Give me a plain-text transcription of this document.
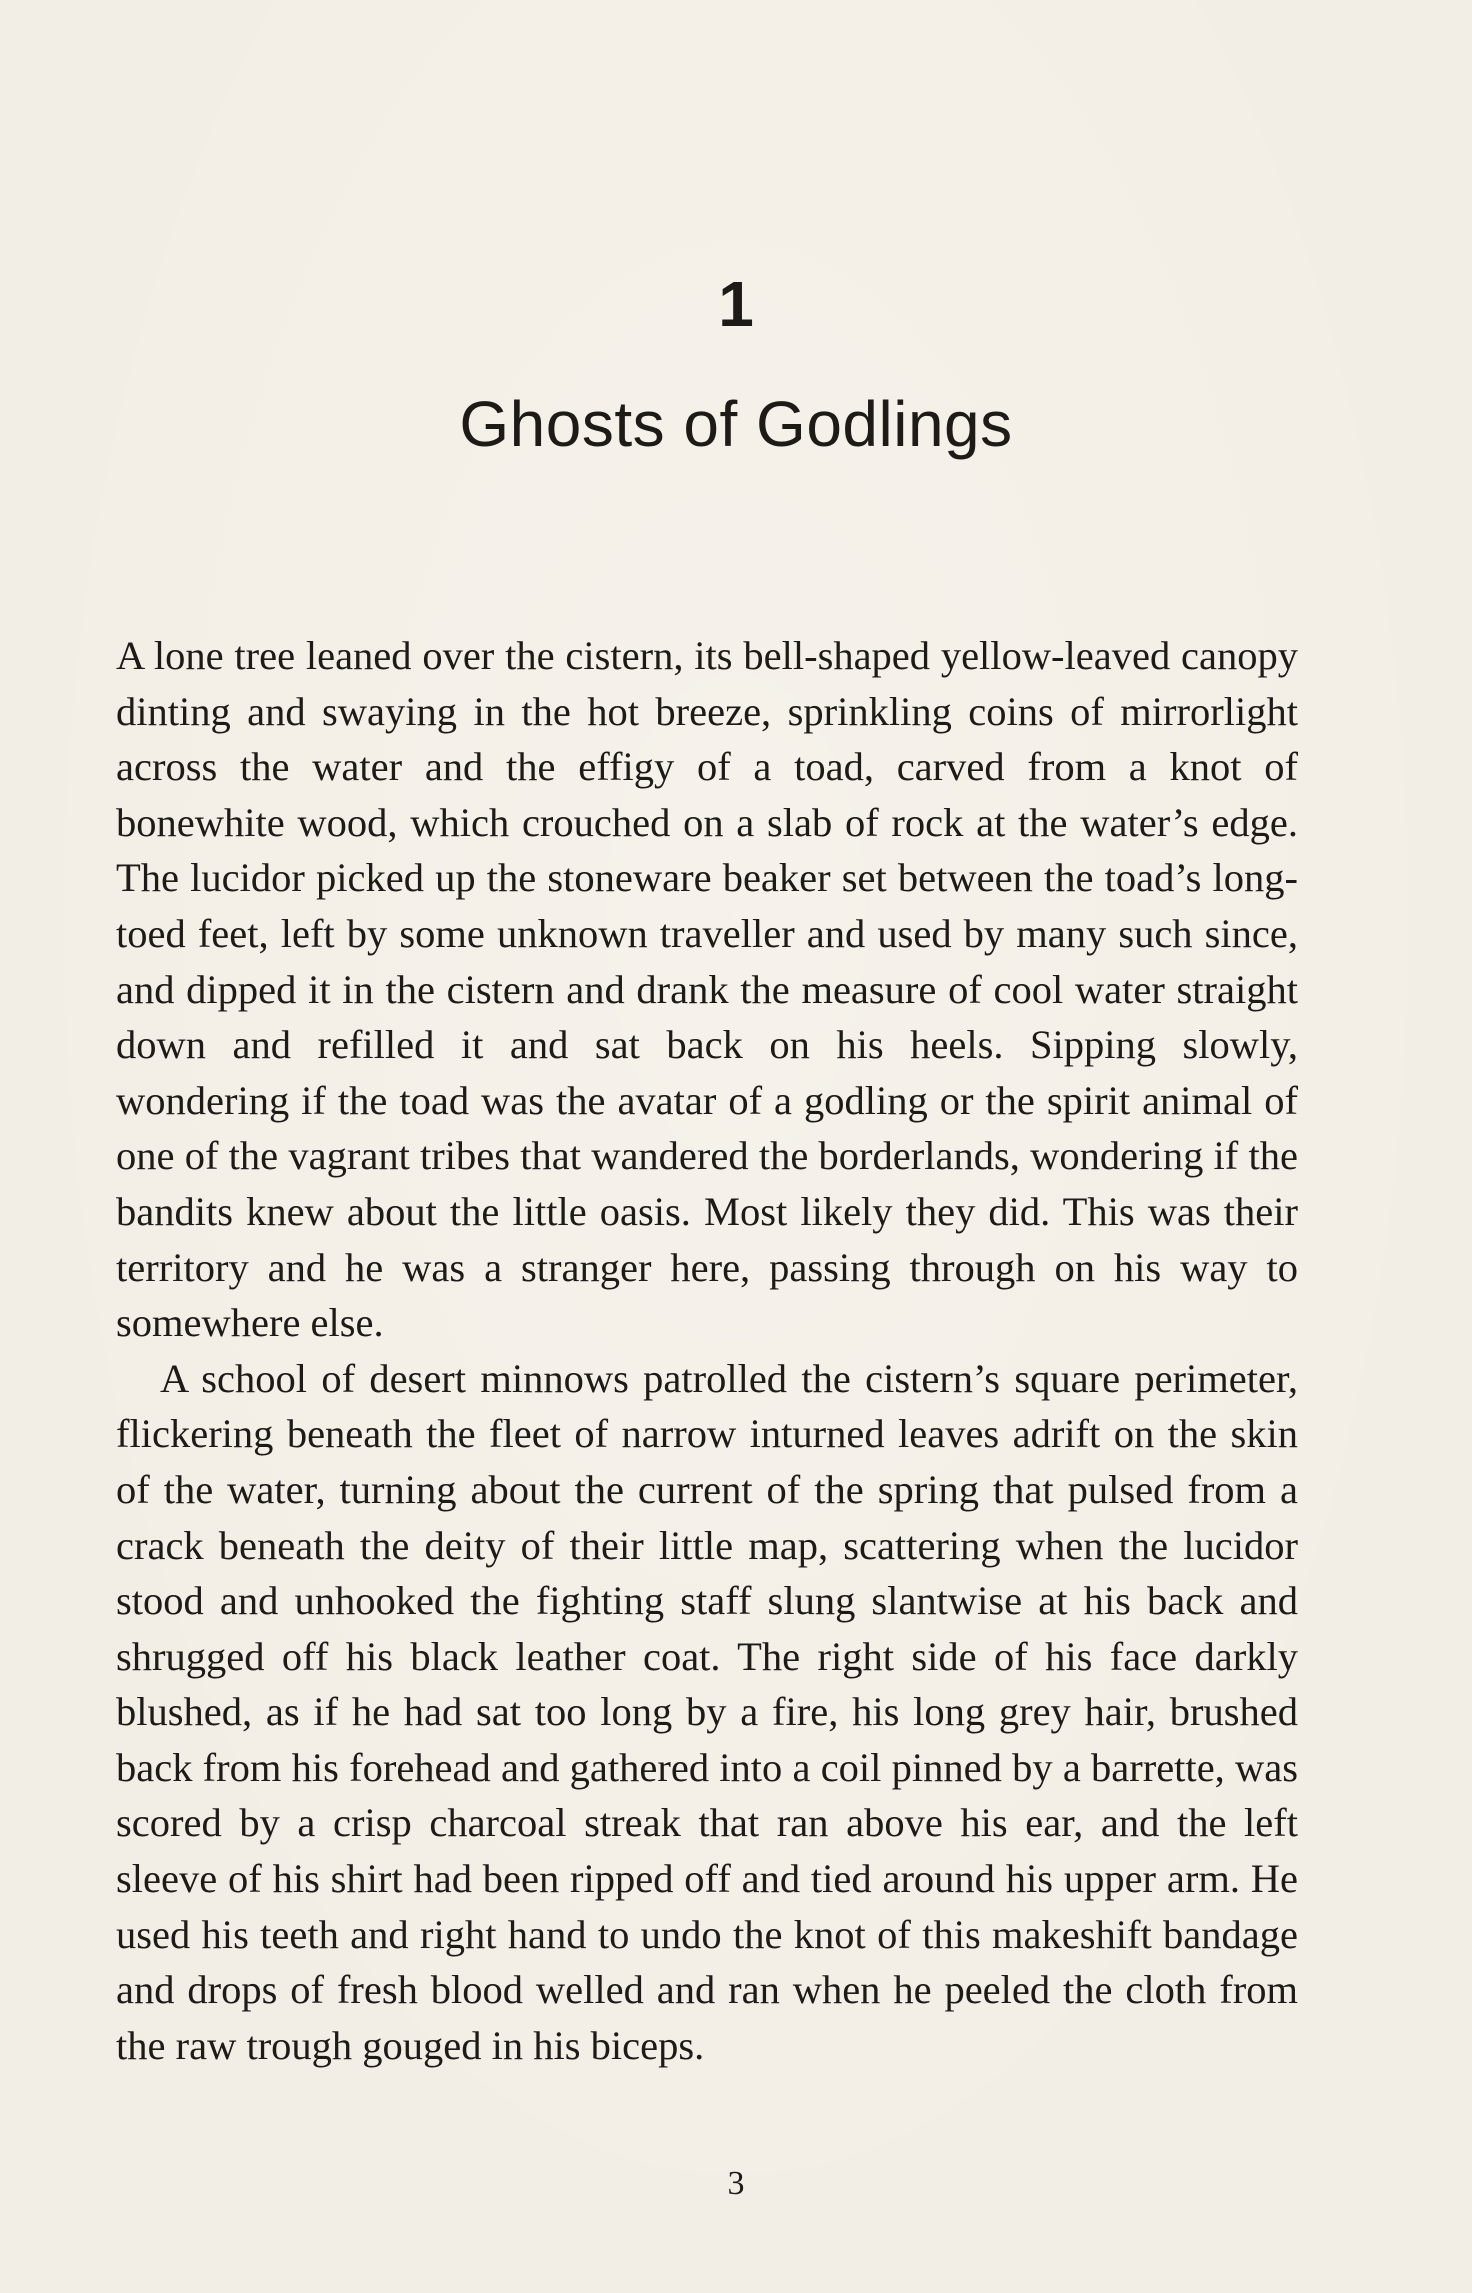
1
Ghosts of Godlings

A lone tree leaned over the cistern, its bell-shaped yellow-leaved canopy dinting and swaying in the hot breeze, sprinkling coins of mirrorlight across the water and the effigy of a toad, carved from a knot of bonewhite wood, which crouched on a slab of rock at the water’s edge. The lucidor picked up the stoneware beaker set between the toad’s long-toed feet, left by some unknown traveller and used by many such since, and dipped it in the cistern and drank the measure of cool water straight down and refilled it and sat back on his heels. Sipping slowly, wondering if the toad was the avatar of a godling or the spirit animal of one of the vagrant tribes that wandered the borderlands, wondering if the bandits knew about the little oasis. Most likely they did. This was their territory and he was a stranger here, passing through on his way to somewhere else.

A school of desert minnows patrolled the cistern’s square perimeter, flickering beneath the fleet of narrow inturned leaves adrift on the skin of the water, turning about the current of the spring that pulsed from a crack beneath the deity of their little map, scattering when the lucidor stood and unhooked the fighting staff slung slantwise at his back and shrugged off his black leather coat. The right side of his face darkly blushed, as if he had sat too long by a fire, his long grey hair, brushed back from his forehead and gathered into a coil pinned by a barrette, was scored by a crisp charcoal streak that ran above his ear, and the left sleeve of his shirt had been ripped off and tied around his upper arm. He used his teeth and right hand to undo the knot of this makeshift bandage and drops of fresh blood welled and ran when he peeled the cloth from the raw trough gouged in his biceps.

3
